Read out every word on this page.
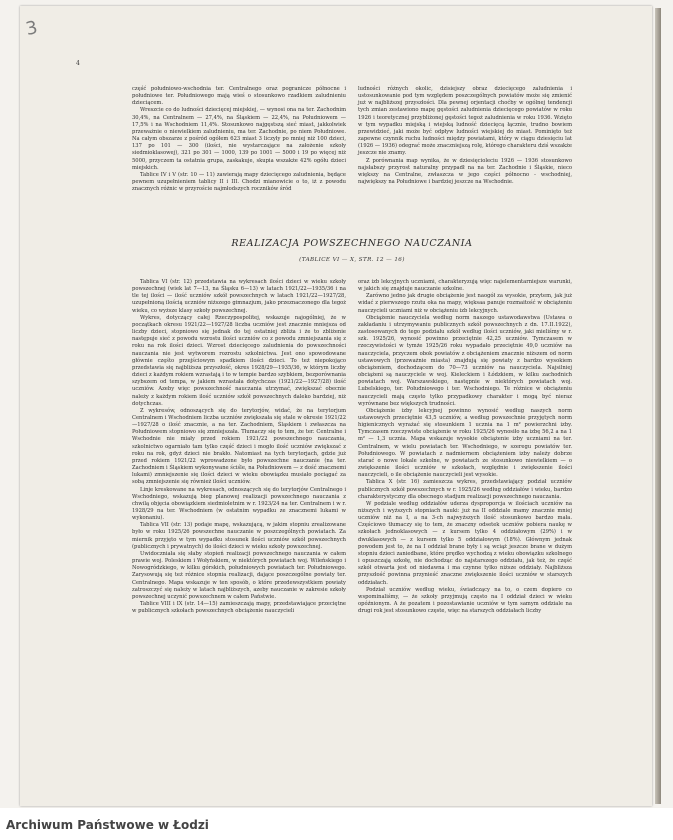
3
4

część południowo-wschodnia ter. Centralnego oraz pogranicze północne i południowe ter. Południowego mają wieś o stosunkowo rzadkiem zaludnieniu dzieciącem.

Wreszcie co do ludności dziecięcej miejskiej, — wynosi ona na ter. Zachodnim 30,4%, na Centralnem — 27,4%, na Śląskiem — 22,4%, na Południowem — 17,5% i na Wschodniem 11,4%. Stosunkowo najgęstszą sieć miast, jakkolwiek przeważnie o niewielkiem zaludnieniu, ma ter. Zachodnie, po niem Południowe. Na całym obszarze z pośród ogółem 623 miast 3 liczyły po mniej niż 100 dzieci, 137 po 101 — 300 (ilości, nie wystarczające na założenie szkoły siedmioklasowej), 321 po 301 — 1000, 139 po 1001 — 5000 i 19 po więcej niż 5000, przyczem ta ostatnia grupa, zaskakuje, skupia wszakże 42% ogółu dzieci miejskich.

Tablice IV i V (str. 10 — 11) zawierają mapy dziecięcego zaludnienia, będące pewnem uzupełnieniem tablicy II i III. Chodzi mianowicie o to, iż z powodu znacznych różnic w przyroście najmłodszych roczników śród

ludności różnych okolic, dzisiejszy obraz dziecięcego zaludnienia i ustosunkowanie pod tym względem poszczególnych powiatów może się zmienić już w najbliższej przyszłości. Dla pewnej orjentacji choćby w ogólnej tendencji tych zmian zestawiono mapę gęstości zaludnienia dziecięcego powiatów w roku 1926 i teoretycznej przybliżonej gęstości tegoż zaludnienia w roku 1936. Wzięto w tym wypadku miejską i wiejską ludność dziecięcą łącznie, trudno bowiem przewidzieć, jaki może być odpływ ludności wiejskiej do miast. Pominięto też zapewne czynnik ruchu ludności między powiatami, który w ciągu dziesięciu lat (1926 — 1936) odegrać może znaczniejszą rolę, którego charakteru dziś wszakże jeszcze nie znamy.

Z porównania map wynika, że w dziesięcioleciu 1926 — 1936 stosunkowo najsłabszy przyrost naturalny przypadł na na ter. Zachodnie i Śląskie, nieco większy na Centralne, zwłaszcza w jego części północno - wschodniej, największy na Południowe i bardziej jeszcze na Wschodnie.

REALIZACJA POWSZECHNEGO NAUCZANIA
(TABLICE VI — X, STR. 12 — 16)

Tablica VI (str. 12) przedstawia na wykresach ilości dzieci w wieku szkoły powszechnej (wiek lat 7—13, na Śląsku 6—13) w latach 1921/22—1935/36 i na tle tej ilości — ilość uczniów szkół powszechnych w latach 1921/22—1927/28, uzupełnioną ilością uczniów niższego gimnazjum, jako przeznaczonego dla tegoż wieku, co wyższe klasy szkoły powszechnej.

Wykres, dotyczący całej Rzeczypospolitej, wskazuje najogólniej, że w początkach okresu 1921/22—1927/28 liczba uczniów jest znacznie mniejsza od liczby dzieci, stopniowo się jednak do tej ostatniej zbliża i że to zbliżenie następuje sieć z powodu wzrostu ilości uczniów co z powodu zmniejszania się z roku na rok ilości dzieci. Wzrost dziecięcego zaludnienia do powszechności nauczania nie jest wytworem rozrostu szkolnictwa. Jest ono spowodowane głównie częśto przejściowym spadkiem ilości dzieci. To też niepokojąco przedstawia się najbliższa przyszłość, okres 1928/29—1935/36, w którym liczby dzieci z każdym rokiem wzrastają i to w tempie bardzo szybkiem, bezporównania szybszem od tempa, w jakiem wzrastała dotychczas (1921/22—1927/28) ilość uczniów. Azeby więc powszechność nauczania utrzymać, zwiększać obecnie należy z każdym rokiem ilość uczniów szkół powszechnych daleko bardziej, niż dotychczas.

Z wykresów, odnoszących się do terytorjów, widać, że na terytorjum Centralnem i Wschodniem liczba uczniów zwiększała się stale w okresie 1921/22—1927/28 o ilość znacznie, a na ter. Zachodniem, Śląskiem i zwłaszcza na Południowem stopniowo się zmniejszała. Tłumaczy się to tem, że ter. Centralne i Wschodnie nie miały przed rokiem 1921/22 powszechnego nauczania, szkolnictwo ogarniało tam tylko część dzieci i mogło ilość uczniów zwiększać z roku na rok, gdyż dzieci nie brakło. Natomiast na tych terytorjach, gdzie już przed rokiem 1921/22 wprowadzone było powszechne nauczanie (na ter. Zachodniem i Śląskiem wykonywane ściśle, na Południowem — z dość znacznemi lukami) zmniejszenie się ilości dzieci w wieku obowiązku musiało pociągać za sobą zmniejszenie się również ilości uczniów.

Linje kreskowane na wykresach, odnoszących się do terytorjów Centralnego i Wschodniego, wskazują bieg planowej realizacji powszechnego nauczania z chwilą objęcia obowiązkiem siedmioletnim w r. 1923/24 na ter. Centralnem i w r. 1928/29 na ter. Wschodniem (w ostatnim wypadku ze znacznemi lukami w wykonaniu).

Tablica VII (str. 13) podaje mapę, wskazującą, w jakim stopniu zrealizowane było w roku 1925/26 powszechne nauczanie w poszczególnych powiatach. Za miernik przyjęto w tym wypadku stosunek ilości uczniów szkół powszechnych (publicznych i prywatnych) do ilości dzieci w wieku szkoły powszechnej.

Uwidoczniała się słaby stopień realizacji powszechnego nauczania w całem prawie woj. Poleskiem i Wołyńskiem, w niektórych powiatach woj. Wileńskiego i Nowogródzkiego, w kilku górskich, południowych powiatach ter. Południowego. Zarysowują się też różnice stopnia realizacji, dające poszczególne powiaty ter. Centralnego. Mapa wskazuje w ten sposób, o które przedewszystkiem powiaty zatroszczyć się należy w latach najbliższych, azeby nauczanie w zakresie szkoły powszechnej uczynić powszechnem w całem Państwie.

Tablice VIII i IX (str. 14—15) zamieszczają mapy, przedstawiające przeciętne w publicznych szkołach powszechnych obciążenie nauczycieli

oraz izb lekcyjnych uczniami, charakteryzują więc najelementarniejsze warunki, w jakich się znajduje nauczanie szkolne.

Zarówno jedno jak drugie obciążenie jest naogół za wysokie, przytem, jak już widać z pierwszego rzutu oka na mapy, więksaa panuje rozmaitość w obciążeniu nauczycieli uczniami niż w obciążeniu izb lekcyjnych.

Obciążenie nauczyciela według norm naszego ustawodawstwa (Ustawa o zakładaniu i utrzymywaniu publicznych szkół powszechnych z dn. 17.II.1922), zastosowanych do tego podziału szkół według ilości uczniów, jaki mieliśmy w r. szk. 1925/26, wynosić powinno przeciętnie 42,25 uczniów. Tymczasem w rzeczywistości w tymże 1925/26 roku wypadało przeciętnie 49,0 uczniów na nauczyciela, przyczem obok powiatów z obciążeniem znacznie niższem od norm ustawowych (przeważnie miasta) znajdują się powiaty z bardzo wysokiem obciążeniem, dochodzącem do 70—73 uczniów na nauczyciela. Najsilniej obciążeni są nauczyciele w woj. Kieleckiem i Łódzkiem, w kilku zachodnich powiatach woj. Warszawskiego, następnie w niektórych powiatach woj. Lubelskiego, ter. Południowego i ter. Wschodniego. Te różnice w obciążeniu nauczycieli mają często tylko przypadkowy charakter i mogą być nieraz wyrównane bez większych trudności.

Obciążenie izby lekcyjnej powinno wynosić według naszych norm ustawowych przeciętnie 43,5 uczniów, a według powszechnie przyjętych norm higienicznych wyrażać się stosunkiem 1 ucznia na 1 m² powierzchni izby. Tymczasem rzeczywiste obciążenie w roku 1925/26 wynosiło na izbę 56,2 a na 1 m² — 1,3 ucznia. Mapa wskazuje wysokie obciążenie izby uczniami na ter. Centralnem, w wielu powiatach ter. Wschodniego, w szeregu powiatów ter. Południowego. W powiatach z nadmiernem obciążeniem izby należy dobrze starać o nowe lokale szkolne, w powiatach ze stosunkowo niewielkiem — o zwiększenie ilości uczniów w szkołach, względnie i zwiększenie ilości nauczycieli, o ile obciążenie nauczycieli jest wysokie.

Tablica X (str. 16) zamieszcza wykres, przedstawiający podział uczniów publicznych szkół powszechnych w r. 1925/26 według oddziałów i wieku, bardzo charakterystyczny dla obecnego stadjum realizacji powszechnego nauczania.

W podziale według oddziałów uderza dysproporcja w ilościach uczniów na niższych i wyższych stopniach nauki: już na II oddziale mamy znacznie mniej uczniów niż na I, a na 3-ch najwyższych ilość stosunkowo bardzo mała. Częściowo tłumaczy się to tem, że znaczny odsetek uczniów pobiera naukę w szkołach jednoklasowych — z kursem tylko 4 oddziałowym (29%) i w dwuklasowych — z kursem tylko 5 oddziałowym (18%). Głównym jednak powodem jest to, że na I oddział brane były i są wciąż jeszcze brane w dużym stopniu dzieci zaniedbane, które prędko wychodzą z wieku obowiązku szkolnego i opuszczają szkołę, nie dochodząc do najstarszego oddziału, jak też, że część szkół otwarta jest od niedawna i ma czynne tylko niższe oddziały. Najbliższa przyszłość powinna przynieść znaczne zwiększenie ilości uczniów w starszych oddziałach.

Podział uczniów według wieku, świadczący na to, o czem dopiero co wspominaliśmy, — że szkoły przyjmują często na I oddział dzieci w wieku opóźnionym. A że pozatem i pozostawianie uczniów w tym samym oddziale na drugi rok jest stosunkowo częste, więc na starszych oddziałach liczby

Archiwum Państwowe w Łodzi
